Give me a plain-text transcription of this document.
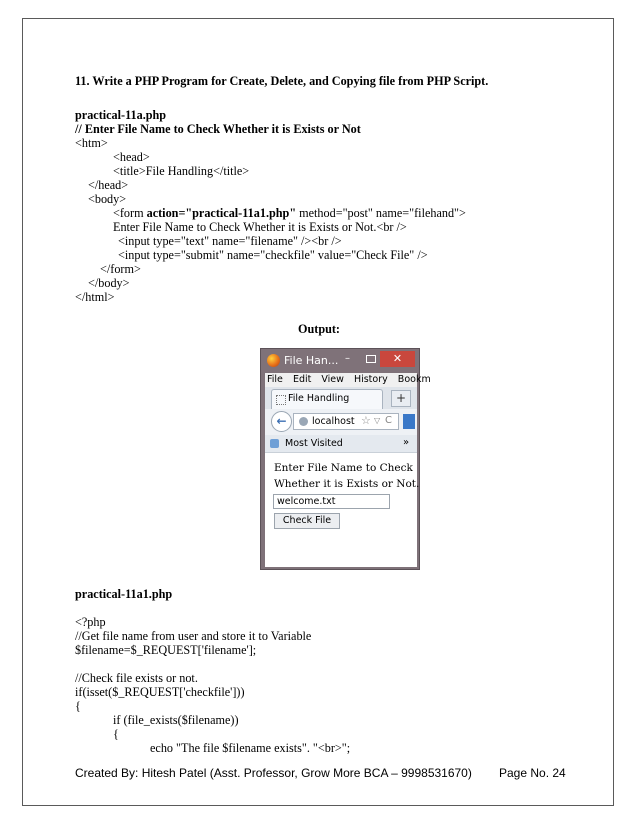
11. Write a PHP Program for Create, Delete, and Copying file from PHP Script.
practical-11a.php
// Enter File Name to Check Whether it is Exists or Not
<htm>
<head>
<title>File Handling</title>
</head>
<body>
<form action="practical-11a1.php" method="post" name="filehand">
Enter File Name to Check Whether it is Exists or Not.<br />
<input type="text" name="filename" /><br />
<input type="submit" name="checkfile" value="Check File" />
</form>
</body>
</html>
Output:
File Han... –	✕
File Edit View History Bookm
File Handling	+
←	localhost ☆ ▽ C
Most Visited	»
Enter File Name to Check
Whether it is Exists or Not.
welcome.txt
Check File
practical-11a1.php
<?php
//Get file name from user and store it to Variable
$filename=$_REQUEST['filename'];
//Check file exists or not.
if(isset($_REQUEST['checkfile']))
{
if (file_exists($filename))
{
echo "The file $filename exists". "<br>";
Created By: Hitesh Patel (Asst. Professor, Grow More BCA – 9998531670) Page No. 24
